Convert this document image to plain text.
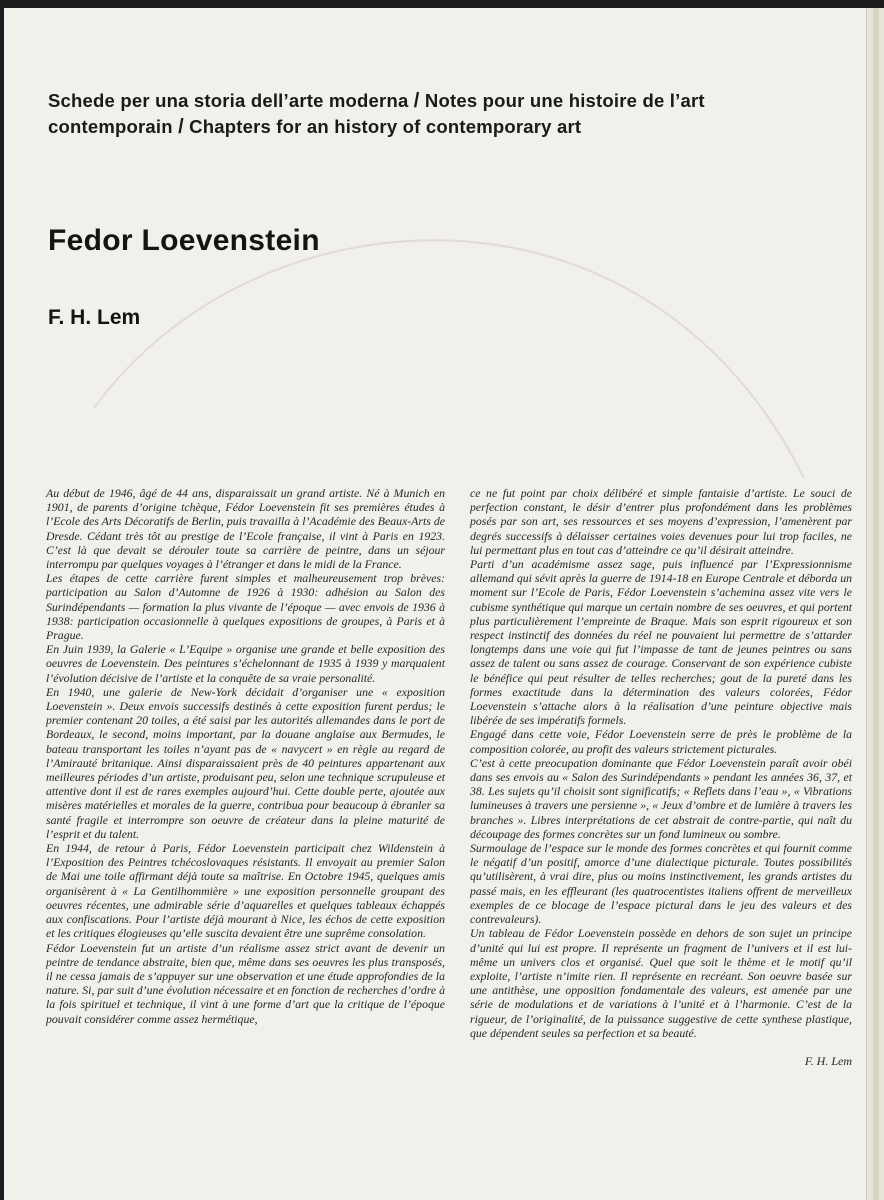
Schede per una storia dell’arte moderna / Notes pour une histoire de l’art
contemporain / Chapters for an history of contemporary art
Fedor Loevenstein
F. H. Lem

Au début de 1946, âgé de 44 ans, disparaissait un grand artiste. Né à Munich en 1901, de parents d’origine tchèque, Fédor Loevenstein fit ses premières études à l’Ecole des Arts Décoratifs de Berlin, puis travailla à l’Académie des Beaux-Arts de Dresde. Cédant très tôt au prestige de l’Ecole française, il vint à Paris en 1923. C’est là que devait se dérouler toute sa carrière de peintre, dans un séjour interrompu par quelques voyages à l’étranger et dans le midi de la France.

Les étapes de cette carrière furent simples et malheureusement trop brèves: participation au Salon d’Automne de 1926 à 1930: adhésion au Salon des Surindépendants — formation la plus vivante de l’époque — avec envois de 1936 à 1938: participation occasionnelle à quelques expositions de groupes, à Paris et à Prague.

En Juin 1939, la Galerie « L’Equipe » organise une grande et belle exposition des oeuvres de Loevenstein. Des peintures s’échelonnant de 1935 à 1939 y marquaient l’évolution décisive de l’artiste et la conquête de sa vraie personalité.

En 1940, une galerie de New-York décidait d’organiser une « exposition Loevenstein ». Deux envois successifs destinés à cette exposition furent perdus; le premier contenant 20 toiles, a été saisi par les autorités allemandes dans le port de Bordeaux, le second, moins important, par la douane anglaise aux Bermudes, le bateau transportant les toiles n’ayant pas de « navycert » en règle au regard de l’Amirauté britanique. Ainsi disparaissaient près de 40 peintures appartenant aux meilleures périodes d’un artiste, produisant peu, selon une technique scrupuleuse et attentive dont il est de rares exemples aujourd’hui. Cette double perte, ajoutée aux misères matérielles et morales de la guerre, contribua pour beaucoup à ébranler sa santé fragile et interrompre son oeuvre de créateur dans la pleine maturité de l’esprit et du talent.

En 1944, de retour à Paris, Fédor Loevenstein participait chez Wildenstein à l’Exposition des Peintres tchécoslovaques résistants. Il envoyait au premier Salon de Mai une toile affirmant déjà toute sa maîtrise. En Octobre 1945, quelques amis organisèrent à « La Gentilhommière » une exposition personnelle groupant des oeuvres récentes, une admirable série d’aquarelles et quelques tableaux échappés aux confiscations. Pour l’artiste déjà mourant à Nice, les échos de cette exposition et les critiques élogieuses qu’elle suscita devaient être une suprême consolation.

Fédor Loevenstein fut un artiste d’un réalisme assez strict avant de devenir un peintre de tendance abstraite, bien que, même dans ses oeuvres les plus transposés, il ne cessa jamais de s’appuyer sur une observation et une étude approfondies de la nature. Si, par suit d’une évolution nécessaire et en fonction de recherches d’ordre à la fois spirituel et technique, il vint à une forme d’art que la critique de l’époque pouvait considérer comme assez hermétique,

ce ne fut point par choix délibéré et simple fantaisie d’artiste. Le souci de perfection constant, le désir d’entrer plus profondément dans les problèmes posés par son art, ses ressources et ses moyens d’expression, l’amenèrent par degrés successifs à délaisser certaines voies devenues pour lui trop faciles, ne lui permettant plus en tout cas d’atteindre ce qu’il désirait atteindre.

Parti d’un académisme assez sage, puis influencé par l’Expressionnisme allemand qui sévit après la guerre de 1914-18 en Europe Centrale et déborda un moment sur l’Ecole de Paris, Fédor Loevenstein s’achemina assez vite vers le cubisme synthétique qui marque un certain nombre de ses oeuvres, et qui portent plus particulièrement l’empreinte de Braque. Mais son esprit rigoureux et son respect instinctif des données du réel ne pouvaient lui permettre de s’attarder longtemps dans une voie qui fut l’impasse de tant de jeunes peintres ou sans assez de talent ou sans assez de courage. Conservant de son expérience cubiste le bénéfice qui peut résulter de telles recherches; gout de la pureté dans les formes exactitude dans la détermination des valeurs colorées, Fédor Loevenstein s’attache alors à la réalisation d’une peinture objective mais libérée de ses impératifs formels.

Engagé dans cette voie, Fédor Loevenstein serre de près le problème de la composition colorée, au profit des valeurs strictement picturales.

C’est à cette preocupation dominante que Fédor Loevenstein paraît avoir obéi dans ses envois au « Salon des Surindépendants » pendant les années 36, 37, et 38. Les sujets qu’il choisit sont significatifs; « Reflets dans l’eau », « Vibrations lumineuses à travers une persienne », « Jeux d’ombre et de lumière à travers les branches ». Libres interprétations de cet abstrait de contre-partie, qui naît du découpage des formes concrètes sur un fond lumineux ou sombre.

Surmoulage de l’espace sur le monde des formes concrètes et qui fournit comme le négatif d’un positif, amorce d’une dialectique picturale. Toutes possibilités qu’utilisèrent, à vrai dire, plus ou moins instinctivement, les grands artistes du passé mais, en les effleurant (les quatrocentistes italiens offrent de merveilleux exemples de ce blocage de l’espace pictural dans le jeu des valeurs et des contrevaleurs).

Un tableau de Fédor Loevenstein possède en dehors de son sujet un principe d’unité qui lui est propre. Il représente un fragment de l’univers et il est lui-même un univers clos et organisé. Quel que soit le thème et le motif qu’il exploite, l’artiste n’imite rien. Il représente en recréant. Son oeuvre basée sur une antithèse, une opposition fondamentale des valeurs, est amenée par une série de modulations et de variations à l’unité et à l’harmonie. C’est de la rigueur, de l’originalité, de la puissance suggestive de cette synthese plastique, que dépendent seules sa perfection et sa beauté.

F. H. Lem
